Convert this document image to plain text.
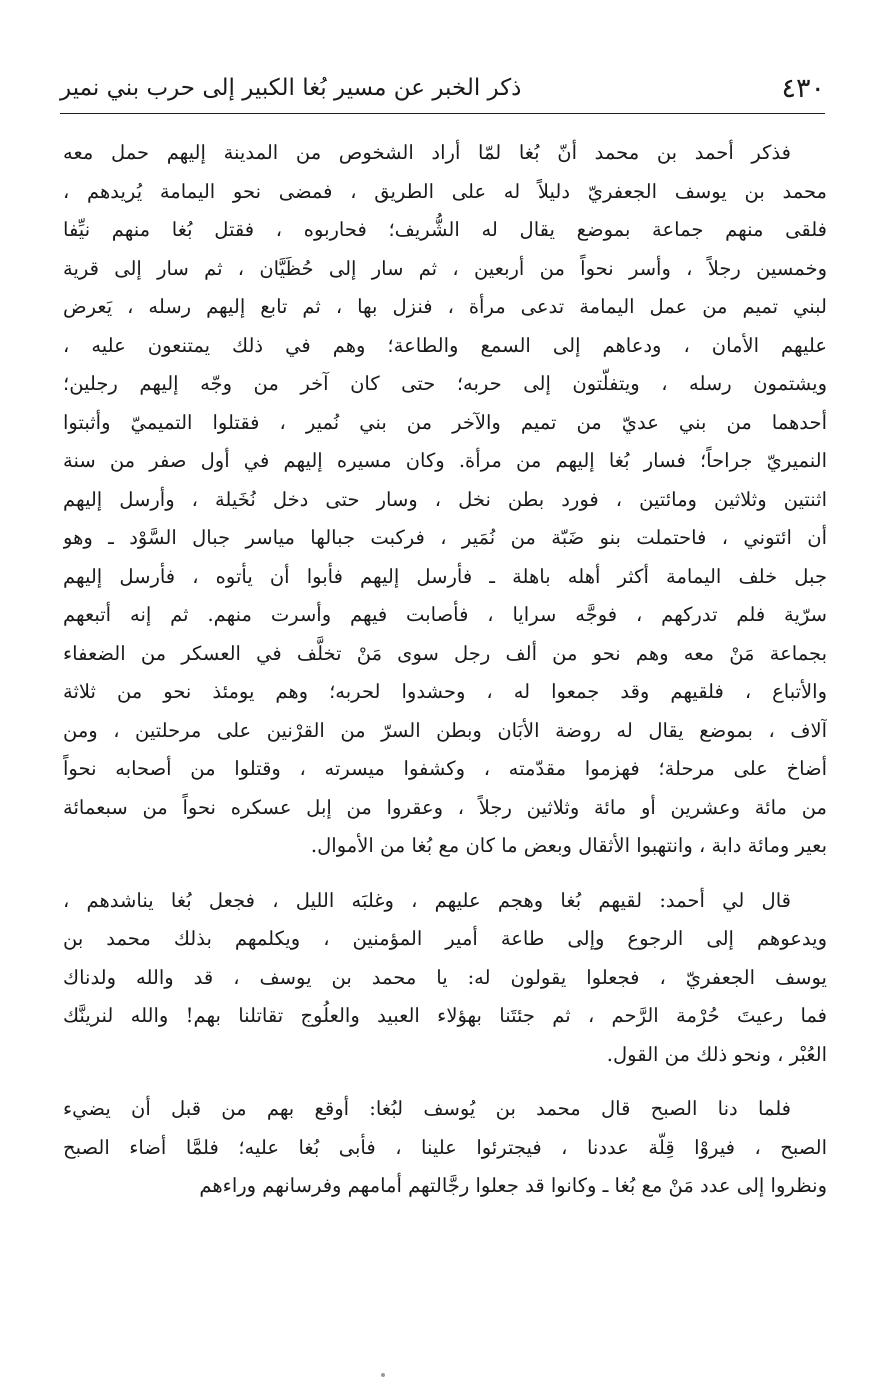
٤٣٠
ذكر الخبر عن مسير بُغا الكبير إلى حرب بني نمير

فذكر أحمد بن محمد أنّ بُغا لمّا أراد الشخوص من المدينة إليهم حمل معه
محمد بن يوسف الجعفريّ دليلاً له على الطريق ، فمضى نحو اليمامة يُريدهم ،
فلقى منهم جماعة بموضع يقال له الشُّريف؛ فحاربوه ، فقتل بُغا منهم نيِّفا
وخمسين رجلاً ، وأسر نحواً من أربعين ، ثم سار إلى حُظَيَّان ، ثم سار إلى قرية
لبني تميم من عمل اليمامة تدعى مرأة ، فنزل بها ، ثم تابع إليهم رسله ، يَعرض
عليهم الأمان ، ودعاهم إلى السمع والطاعة؛ وهم في ذلك يمتنعون عليه ،
ويشتمون رسله ، ويتفلّتون إلى حربه؛ حتى كان آخر من وجّه إليهم رجلين؛
أحدهما من بني عديّ من تميم والآخر من بني نُمير ، فقتلوا التميميّ وأثبتوا
النميريّ جراحاً؛ فسار بُغا إليهم من مرأة. وكان مسيره إليهم في أول صفر من سنة
اثنتين وثلاثين ومائتين ، فورد بطن نخل ، وسار حتى دخل نُخَيلة ، وأرسل إليهم
أن ائتوني ، فاحتملت بنو ضَبّة من نُمَير ، فركبت جبالها مياسر جبال السَّوْد ـ وهو
جبل خلف اليمامة أكثر أهله باهلة ـ فأرسل إليهم فأبوا أن يأتوه ، فأرسل إليهم
سرّية فلم تدركهم ، فوجَّه سرايا ، فأصابت فيهم وأسرت منهم. ثم إنه أتبعهم
بجماعة مَنْ معه وهم نحو من ألف رجل سوى مَنْ تخلَّف في العسكر من الضعفاء
والأتباع ، فلقيهم وقد جمعوا له ، وحشدوا لحربه؛ وهم يومئذ نحو من ثلاثة
آلاف ، بموضع يقال له روضة الأبَان وبطن السرّ من القرْنين على مرحلتين ، ومن
أضاخ على مرحلة؛ فهزموا مقدّمته ، وكشفوا ميسرته ، وقتلوا من أصحابه نحواً
من مائة وعشرين أو مائة وثلاثين رجلاً ، وعقروا من إبل عسكره نحواً من سبعمائة
بعير ومائة دابة ، وانتهبوا الأثقال وبعض ما كان مع بُغا من الأموال.

قال لي أحمد: لقيهم بُغا وهجم عليهم ، وغلبَه الليل ، فجعل بُغا يناشدهم ،
ويدعوهم إلى الرجوع وإلى طاعة أمير المؤمنين ، ويكلمهم بذلك محمد بن
يوسف الجعفريّ ، فجعلوا يقولون له: يا محمد بن يوسف ، قد والله ولدناك
فما رعيتَ حُرْمة الرَّحم ، ثم جئتَنا بهؤلاء العبيد والعلُوج تقاتلنا بهم! والله لنرينَّك
العُبْر ، ونحو ذلك من القول.

فلما دنا الصبح قال محمد بن يُوسف لبُغا: أوقع بهم من قبل أن يضيء
الصبح ، فيروْا قِلّة عددنا ، فيجترئوا علينا ، فأبى بُغا عليه؛ فلمَّا أضاء الصبح
ونظروا إلى عدد مَنْ مع بُغا ـ وكانوا قد جعلوا رجَّالتهم أمامهم وفرسانهم وراءهم
